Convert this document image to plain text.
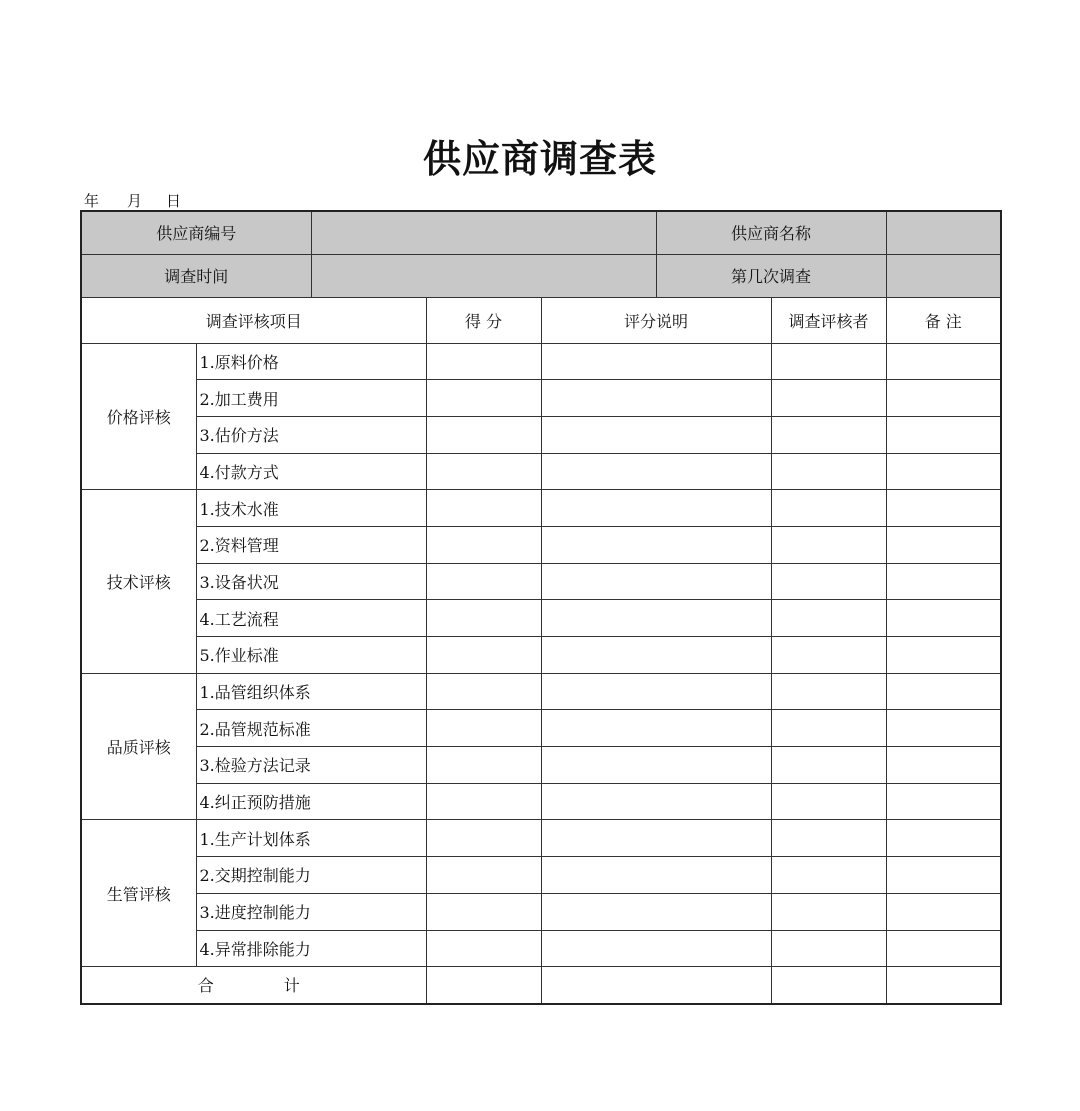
供应商调查表
年 月 日
供应商编号					供应商名称		
调查时间					第几次调查		
调查评核项目			得 分	评分说明		调查评核者	备 注
价格评核	1.原料价格						
	2.加工费用						
	3.估价方法						
	4.付款方式						
技术评核	1.技术水准						
	2.资料管理						
	3.设备状况						
	4.工艺流程						
	5.作业标准						
品质评核	1.品管组织体系						
	2.品管规范标准						
	3.检验方法记录						
	4.纠正预防措施						
生管评核	1.生产计划体系						
	2.交期控制能力						
	3.进度控制能力						
	4.异常排除能力						
合 计							
